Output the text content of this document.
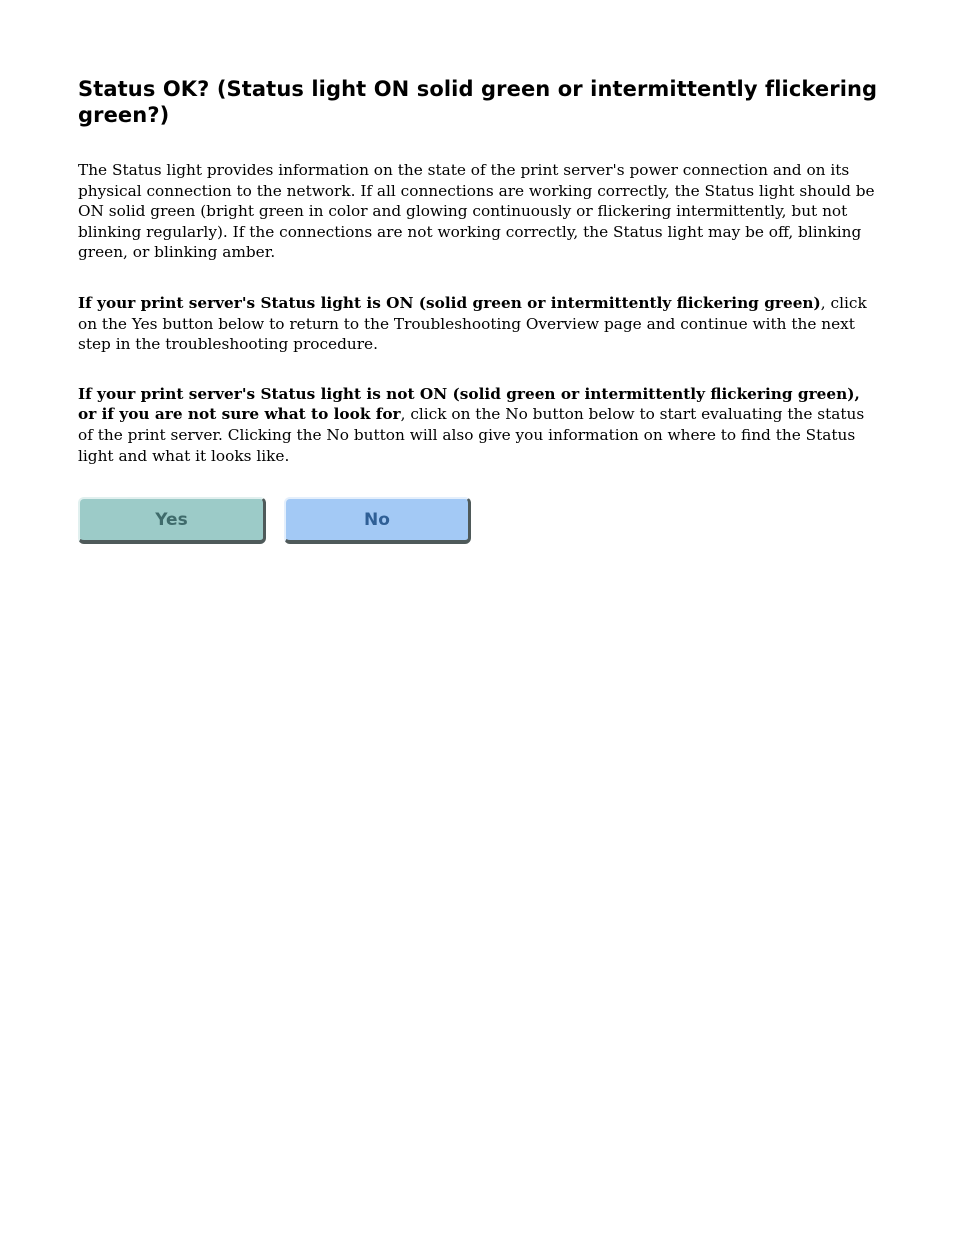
Status OK? (Status light ON solid green or intermittently flickering green?)

The Status light provides information on the state of the print server's power connection and on its physical connection to the network. If all connections are working correctly, the Status light should be ON solid green (bright green in color and glowing continuously or flickering intermittently, but not blinking regularly). If the connections are not working correctly, the Status light may be off, blinking green, or blinking amber.

If your print server's Status light is ON (solid green or intermittently flickering green), click on the Yes button below to return to the Troubleshooting Overview page and continue with the next step in the troubleshooting procedure.

If your print server's Status light is not ON (solid green or intermittently flickering green), or if you are not sure what to look for, click on the No button below to start evaluating the status of the print server. Clicking the No button will also give you information on where to find the Status light and what it looks like.

Yes	No
